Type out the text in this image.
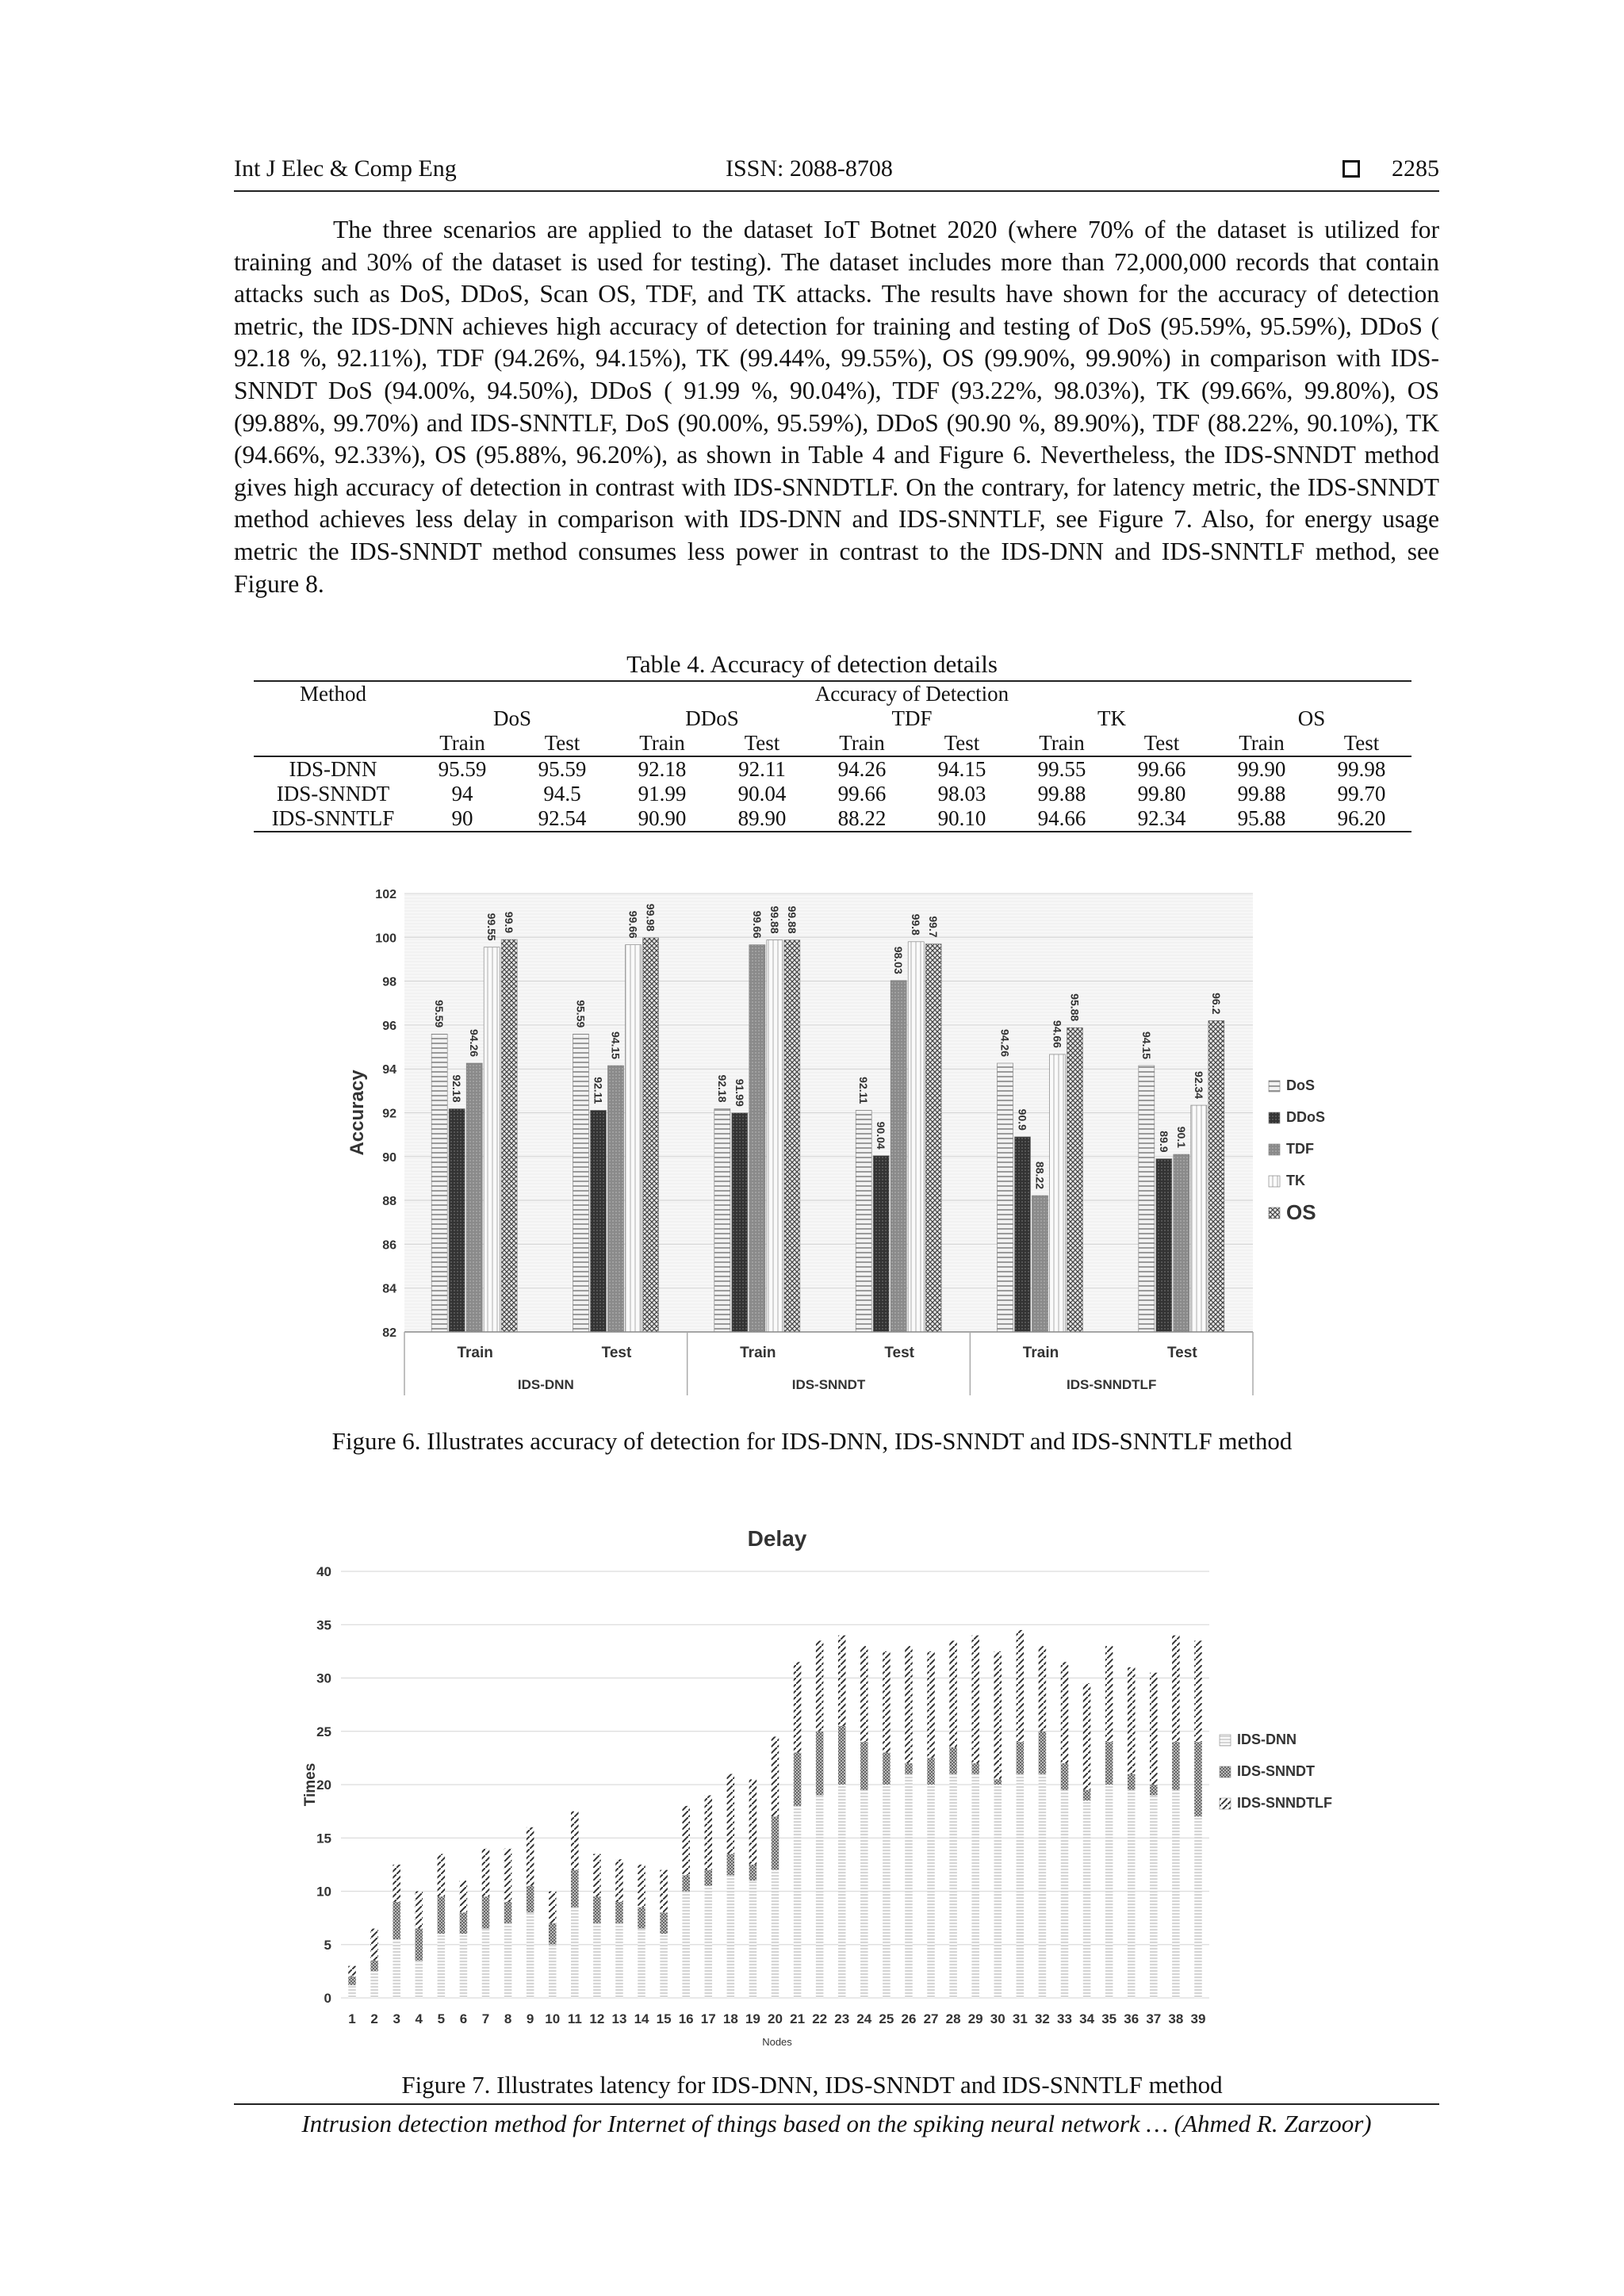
Int J Elec & Comp Eng	ISSN: 2088-8708	2285

The three scenarios are applied to the dataset IoT Botnet 2020 (where 70% of the dataset is utilized for training and 30% of the dataset is used for testing). The dataset includes more than 72,000,000 records that contain attacks such as DoS, DDoS, Scan OS, TDF, and TK attacks. The results have shown for the accuracy of detection metric, the IDS-DNN achieves high accuracy of detection for training and testing of DoS (95.59%, 95.59%), DDoS ( 92.18 %, 92.11%), TDF (94.26%, 94.15%), TK (99.44%, 99.55%), OS (99.90%, 99.90%) in comparison with IDS-SNNDT DoS (94.00%, 94.50%), DDoS ( 91.99 %, 90.04%), TDF (93.22%, 98.03%), TK (99.66%, 99.80%), OS (99.88%, 99.70%) and IDS-SNNTLF, DoS (90.00%, 95.59%), DDoS (90.90 %, 89.90%), TDF (88.22%, 90.10%), TK (94.66%, 92.33%), OS (95.88%, 96.20%), as shown in Table 4 and Figure 6. Nevertheless, the IDS-SNNDT method gives high accuracy of detection in contrast with IDS-SNNDTLF. On the contrary, for latency metric, the IDS-SNNDT method achieves less delay in comparison with IDS-DNN and IDS-SNNTLF, see Figure 7. Also, for energy usage metric the IDS-SNNDT method consumes less power in contrast to the IDS-DNN and IDS-SNNTLF method, see Figure 8.

Table 4. Accuracy of detection details
Method	Accuracy of Detection									
	DoS		DDoS		TDF		TK		OS	
	Train	Test	Train	Test	Train	Test	Train	Test	Train	Test
IDS-DNN	95.59	95.59	92.18	92.11	94.26	94.15	99.55	99.66	99.90	99.98
IDS-SNNDT	94	94.5	91.99	90.04	99.66	98.03	99.88	99.80	99.88	99.70
IDS-SNNTLF	90	92.54	90.90	89.90	88.22	90.10	94.66	92.34	95.88	96.20
82
84
86
88
90
92
94
96
98
100
102
Accuracy
95.59
92.18
94.26
99.55 99.9
Train
95.59
92.11
94.15
99.66 99.98
Test
92.18 91.99
99.66 99.88 99.88
Train
92.11
90.04
98.03
99.8 99.7
Test
94.26
90.9
88.22
94.66
95.88
Train
94.15
89.9 90.1
92.34
96.2
Test
IDS-DNN	IDS-SNNDT	IDS-SNNDTLF
DoS
DDoS
TDF
TK
OS
Figure 6. Illustrates accuracy of detection for IDS-DNN, IDS-SNNDT and IDS-SNNTLF method
Delay
0
5
10
15
20
25
30
35
40
Times
1 2 3 4 5 6 7 8 9 10 11 12 13 14 15 16 17 18 19 20 21 22 23 24 25 26 27 28 29 30 31 32 33 34 35 36 37 38 39
Nodes
IDS-DNN
IDS-SNNDT
IDS-SNNDTLF
Figure 7. Illustrates latency for IDS-DNN, IDS-SNNDT and IDS-SNNTLF method
Intrusion detection method for Internet of things based on the spiking neural network … (Ahmed R. Zarzoor)
